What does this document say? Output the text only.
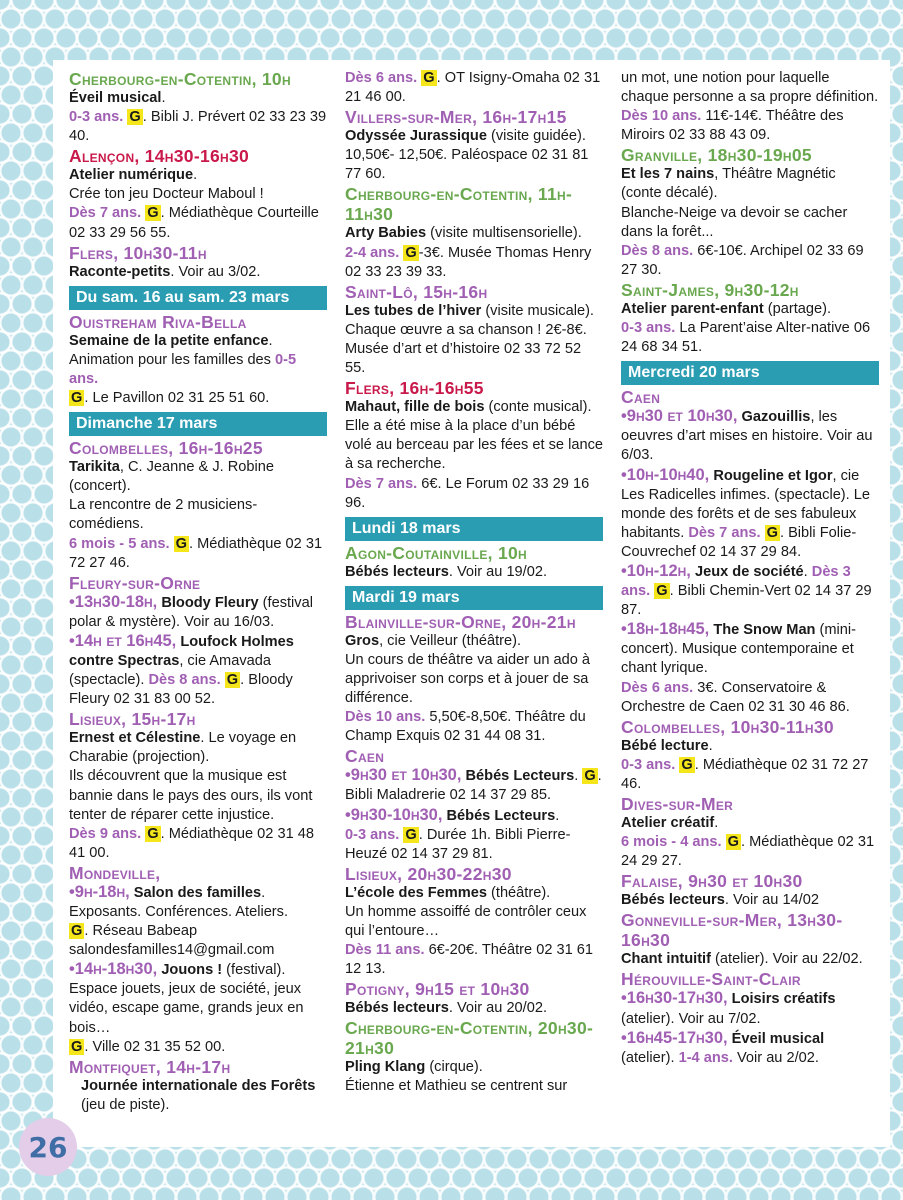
Cherbourg-en-Cotentin, 10h
Éveil musical.
0-3 ans. G . Bibli J. Prévert 02 33 23 39 40.
Alençon, 14h30-16h30
Atelier numérique.
Crée ton jeu Docteur Maboul !
Dès 7 ans. G . Médiathèque Courteille 02 33 29 56 55.
Flers, 10h30-11h
Raconte-petits. Voir au 3/02.
Du sam. 16 au sam. 23 mars
Ouistreham Riva-Bella
Semaine de la petite enfance.
Animation pour les familles des 0-5 ans.
G . Le Pavillon 02 31 25 51 60.
Dimanche 17 mars
Colombelles, 16h-16h25
Tarikita, C. Jeanne & J. Robine (concert).
La rencontre de 2 musiciens-comédiens.
6 mois - 5 ans. G . Médiathèque 02 31 72 27 46.
Fleury-sur-Orne
•13h30-18h, Bloody Fleury (festival polar & mystère). Voir au 16/03.
•14h et 16h45, Loufock Holmes contre Spectras, cie Amavada (spectacle). Dès 8 ans. G . Bloody Fleury 02 31 83 00 52.
Lisieux, 15h-17h
Ernest et Célestine. Le voyage en Charabie (projection).
Ils découvrent que la musique est bannie dans le pays des ours, ils vont tenter de réparer cette injustice.
Dès 9 ans. G . Médiathèque 02 31 48 41 00.
Mondeville,
•9h-18h, Salon des familles. Exposants. Conférences. Ateliers.
G . Réseau Babeap salondesfamilles14@gmail.com
•14h-18h30, Jouons ! (festival). Espace jouets, jeux de société, jeux vidéo, escape game, grands jeux en bois…
G . Ville 02 31 35 52 00.
Montfiquet, 14h-17h
Journée internationale des Forêts (jeu de piste).
Dès 6 ans. G . OT Isigny-Omaha 02 31 21 46 00.
Villers-sur-Mer, 16h-17h15
Odyssée Jurassique (visite guidée). 10,50€- 12,50€. Paléospace 02 31 81 77 60.
Cherbourg-en-Cotentin, 11h-11h30
Arty Babies (visite multisensorielle).
2-4 ans. G -3€. Musée Thomas Henry 02 33 23 39 33.
Saint-Lô, 15h-16h
Les tubes de l’hiver (visite musicale). Chaque œuvre a sa chanson ! 2€-8€. Musée d’art et d’histoire 02 33 72 52 55.
Flers, 16h-16h55
Mahaut, fille de bois (conte musical). Elle a été mise à la place d’un bébé volé au berceau par les fées et se lance à sa recherche.
Dès 7 ans. 6€. Le Forum 02 33 29 16 96.
Lundi 18 mars
Agon-Coutainville, 10h
Bébés lecteurs. Voir au 19/02.
Mardi 19 mars
Blainville-sur-Orne, 20h-21h
Gros, cie Veilleur (théâtre).
Un cours de théâtre va aider un ado à apprivoiser son corps et à jouer de sa différence.
Dès 10 ans. 5,50€-8,50€. Théâtre du Champ Exquis 02 31 44 08 31.
Caen
•9h30 et 10h30, Bébés Lecteurs. G . Bibli Maladrerie 02 14 37 29 85.
•9h30-10h30, Bébés Lecteurs.
0-3 ans. G . Durée 1h. Bibli Pierre-Heuzé 02 14 37 29 81.
Lisieux, 20h30-22h30
L’école des Femmes (théâtre).
Un homme assoiffé de contrôler ceux qui l’entoure…
Dès 11 ans. 6€-20€. Théâtre 02 31 61 12 13.
Potigny, 9h15 et 10h30
Bébés lecteurs. Voir au 20/02.
Cherbourg-en-Cotentin, 20h30-21h30
Pling Klang (cirque).
Étienne et Mathieu se centrent sur
un mot, une notion pour laquelle chaque personne a sa propre définition.
Dès 10 ans. 11€-14€. Théâtre des Miroirs 02 33 88 43 09.
Granville, 18h30-19h05
Et les 7 nains, Théâtre Magnétic (conte décalé).
Blanche-Neige va devoir se cacher dans la forêt...
Dès 8 ans. 6€-10€. Archipel 02 33 69 27 30.
Saint-James, 9h30-12h
Atelier parent-enfant (partage).
0-3 ans. La Parent’aise Alter-native 06 24 68 34 51.
Mercredi 20 mars
Caen
•9h30 et 10h30, Gazouillis, les oeuvres d’art mises en histoire. Voir au 6/03.
•10h-10h40, Rougeline et Igor, cie Les Radicelles infimes. (spectacle). Le monde des forêts et de ses fabuleux habitants. Dès 7 ans. G . Bibli Folie-Couvrechef 02 14 37 29 84.
•10h-12h, Jeux de société. Dès 3 ans. G . Bibli Chemin-Vert 02 14 37 29 87.
•18h-18h45, The Snow Man (mini-concert). Musique contemporaine et chant lyrique.
Dès 6 ans. 3€. Conservatoire & Orchestre de Caen 02 31 30 46 86.
Colombelles, 10h30-11h30
Bébé lecture.
0-3 ans. G . Médiathèque 02 31 72 27 46.
Dives-sur-Mer
Atelier créatif.
6 mois - 4 ans. G . Médiathèque 02 31 24 29 27.
Falaise, 9h30 et 10h30
Bébés lecteurs. Voir au 14/02
Gonneville-sur-Mer, 13h30-16h30
Chant intuitif (atelier). Voir au 22/02.
Hérouville-Saint-Clair
•16h30-17h30, Loisirs créatifs (atelier). Voir au 7/02.
•16h45-17h30, Éveil musical (atelier). 1-4 ans. Voir au 2/02.
26
